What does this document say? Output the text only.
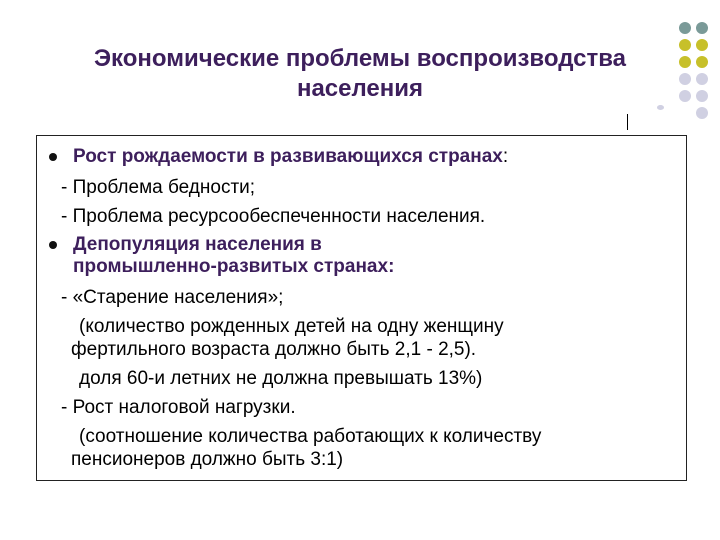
Экономические проблемы воспроизводства
населения
Рост рождаемости в развивающихся странах:
- Проблема бедности;
- Проблема ресурсообеспеченности населения.
Депопуляция населения в
промышленно-развитых странах:
- «Старение населения»;
(количество рожденных детей на одну женщину
фертильного возраста должно быть 2,1 - 2,5).
доля 60-и летних не должна превышать 13%)
- Рост налоговой нагрузки.
(соотношение количества работающих к количеству
пенсионеров должно быть 3:1)
